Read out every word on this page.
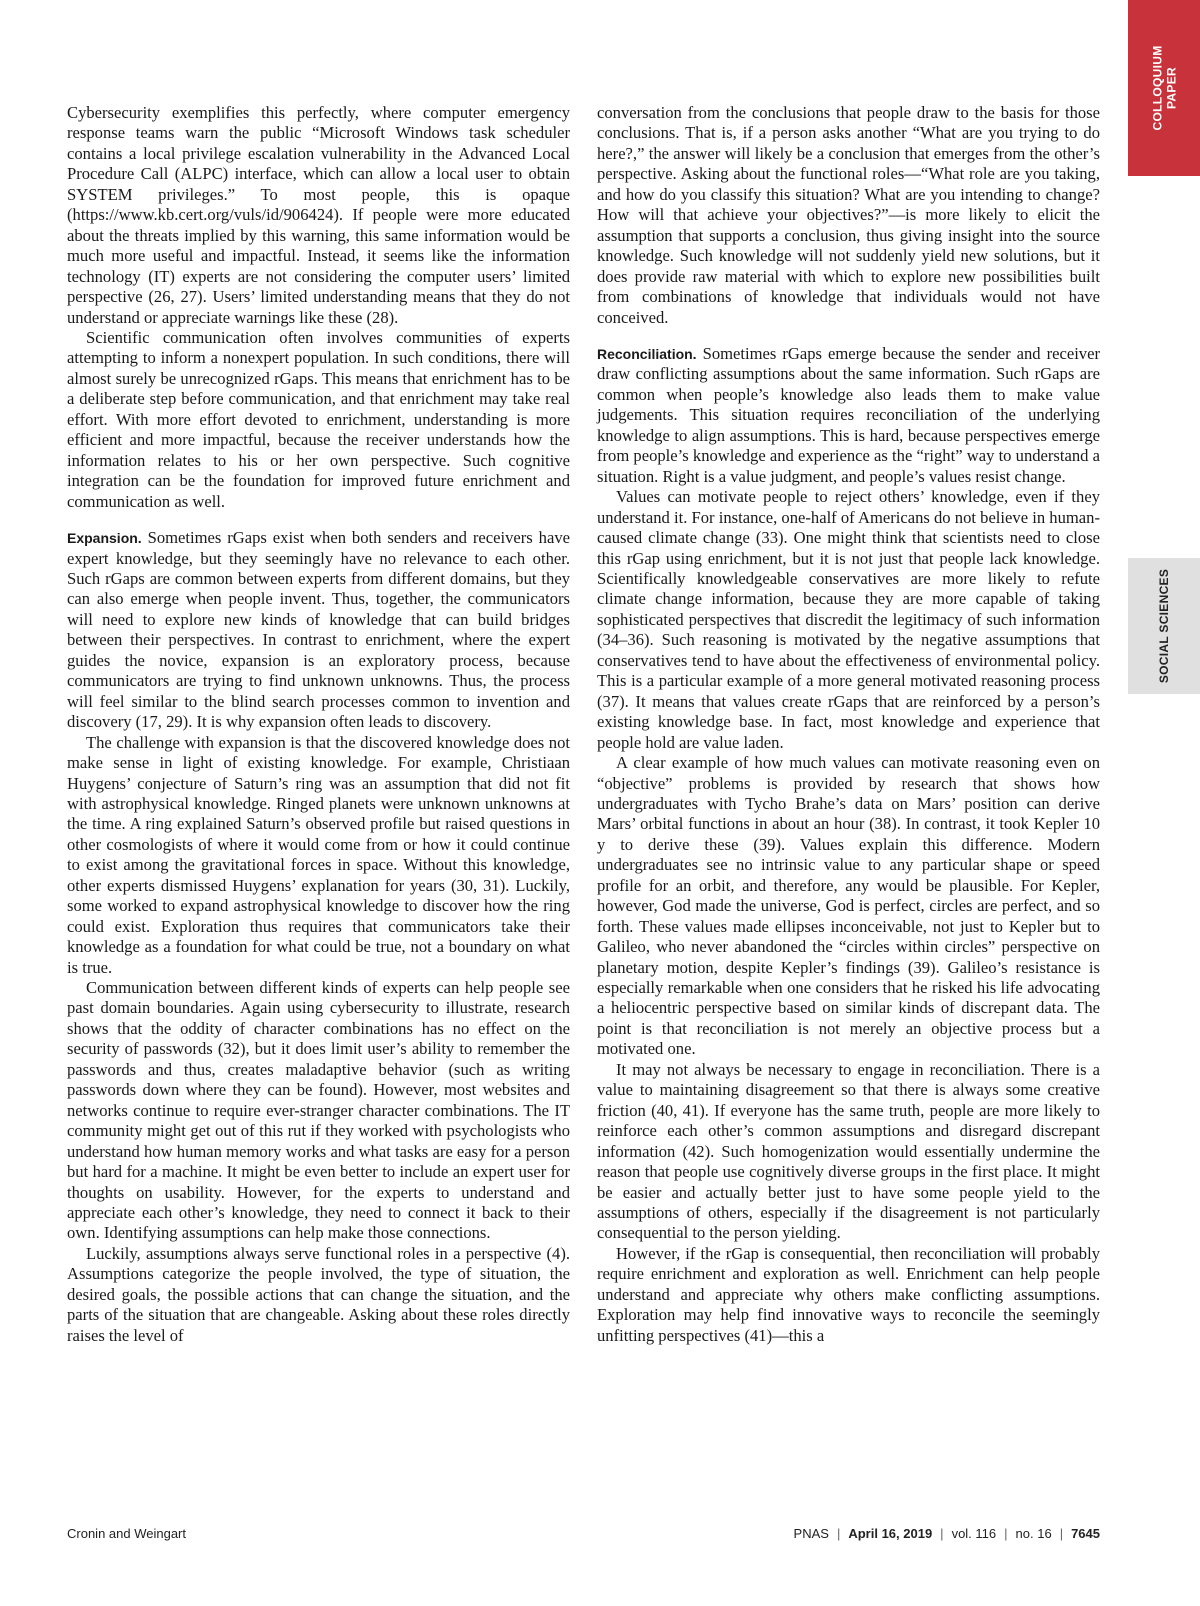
COLLOQUIUM PAPER
SOCIAL SCIENCES

Cybersecurity exemplifies this perfectly, where computer emergency response teams warn the public “Microsoft Windows task scheduler contains a local privilege escalation vulnerability in the Advanced Local Procedure Call (ALPC) interface, which can allow a local user to obtain SYSTEM privileges.” To most people, this is opaque (https://www.kb.cert.org/vuls/id/906424). If people were more educated about the threats implied by this warning, this same information would be much more useful and impactful. Instead, it seems like the information technology (IT) experts are not considering the computer users’ limited perspective (26, 27). Users’ limited understanding means that they do not understand or appreciate warnings like these (28).

Scientific communication often involves communities of experts attempting to inform a nonexpert population. In such conditions, there will almost surely be unrecognized rGaps. This means that enrichment has to be a deliberate step before communication, and that enrichment may take real effort. With more effort devoted to enrichment, understanding is more efficient and more impactful, because the receiver understands how the information relates to his or her own perspective. Such cognitive integration can be the foundation for improved future enrichment and communication as well.

Expansion. Sometimes rGaps exist when both senders and receivers have expert knowledge, but they seemingly have no relevance to each other. Such rGaps are common between experts from different domains, but they can also emerge when people invent. Thus, together, the communicators will need to explore new kinds of knowledge that can build bridges between their perspectives. In contrast to enrichment, where the expert guides the novice, expansion is an exploratory process, because communicators are trying to find unknown unknowns. Thus, the process will feel similar to the blind search processes common to invention and discovery (17, 29). It is why expansion often leads to discovery.

The challenge with expansion is that the discovered knowledge does not make sense in light of existing knowledge. For example, Christiaan Huygens’ conjecture of Saturn’s ring was an assumption that did not fit with astrophysical knowledge. Ringed planets were unknown unknowns at the time. A ring explained Saturn’s observed profile but raised questions in other cosmologists of where it would come from or how it could continue to exist among the gravitational forces in space. Without this knowledge, other experts dismissed Huygens’ explanation for years (30, 31). Luckily, some worked to expand astrophysical knowledge to discover how the ring could exist. Exploration thus requires that communicators take their knowledge as a foundation for what could be true, not a boundary on what is true.

Communication between different kinds of experts can help people see past domain boundaries. Again using cybersecurity to illustrate, research shows that the oddity of character combinations has no effect on the security of passwords (32), but it does limit user’s ability to remember the passwords and thus, creates maladaptive behavior (such as writing passwords down where they can be found). However, most websites and networks continue to require ever-stranger character combinations. The IT community might get out of this rut if they worked with psychologists who understand how human memory works and what tasks are easy for a person but hard for a machine. It might be even better to include an expert user for thoughts on usability. However, for the experts to understand and appreciate each other’s knowledge, they need to connect it back to their own. Identifying assumptions can help make those connections.

Luckily, assumptions always serve functional roles in a perspective (4). Assumptions categorize the people involved, the type of situation, the desired goals, the possible actions that can change the situation, and the parts of the situation that are changeable. Asking about these roles directly raises the level of

conversation from the conclusions that people draw to the basis for those conclusions. That is, if a person asks another “What are you trying to do here?,” the answer will likely be a conclusion that emerges from the other’s perspective. Asking about the functional roles—“What role are you taking, and how do you classify this situation? What are you intending to change? How will that achieve your objectives?”—is more likely to elicit the assumption that supports a conclusion, thus giving insight into the source knowledge. Such knowledge will not suddenly yield new solutions, but it does provide raw material with which to explore new possibilities built from combinations of knowledge that individuals would not have conceived.

Reconciliation. Sometimes rGaps emerge because the sender and receiver draw conflicting assumptions about the same information. Such rGaps are common when people’s knowledge also leads them to make value judgements. This situation requires reconciliation of the underlying knowledge to align assumptions. This is hard, because perspectives emerge from people’s knowledge and experience as the “right” way to understand a situation. Right is a value judgment, and people’s values resist change.

Values can motivate people to reject others’ knowledge, even if they understand it. For instance, one-half of Americans do not believe in human-caused climate change (33). One might think that scientists need to close this rGap using enrichment, but it is not just that people lack knowledge. Scientifically knowledgeable conservatives are more likely to refute climate change information, because they are more capable of taking sophisticated perspectives that discredit the legitimacy of such information (34–36). Such reasoning is motivated by the negative assumptions that conservatives tend to have about the effectiveness of environmental policy. This is a particular example of a more general motivated reasoning process (37). It means that values create rGaps that are reinforced by a person’s existing knowledge base. In fact, most knowledge and experience that people hold are value laden.

A clear example of how much values can motivate reasoning even on “objective” problems is provided by research that shows how undergraduates with Tycho Brahe’s data on Mars’ position can derive Mars’ orbital functions in about an hour (38). In contrast, it took Kepler 10 y to derive these (39). Values explain this difference. Modern undergraduates see no intrinsic value to any particular shape or speed profile for an orbit, and therefore, any would be plausible. For Kepler, however, God made the universe, God is perfect, circles are perfect, and so forth. These values made ellipses inconceivable, not just to Kepler but to Galileo, who never abandoned the “circles within circles” perspective on planetary motion, despite Kepler’s findings (39). Galileo’s resistance is especially remarkable when one considers that he risked his life advocating a heliocentric perspective based on similar kinds of discrepant data. The point is that reconciliation is not merely an objective process but a motivated one.

It may not always be necessary to engage in reconciliation. There is a value to maintaining disagreement so that there is always some creative friction (40, 41). If everyone has the same truth, people are more likely to reinforce each other’s common assumptions and disregard discrepant information (42). Such homogenization would essentially undermine the reason that people use cognitively diverse groups in the first place. It might be easier and actually better just to have some people yield to the assumptions of others, especially if the disagreement is not particularly consequential to the person yielding.

However, if the rGap is consequential, then reconciliation will probably require enrichment and exploration as well. Enrichment can help people understand and appreciate why others make conflicting assumptions. Exploration may help find innovative ways to reconcile the seemingly unfitting perspectives (41)—this a

Cronin and Weingart	PNAS | April 16, 2019 | vol. 116 | no. 16 | 7645
